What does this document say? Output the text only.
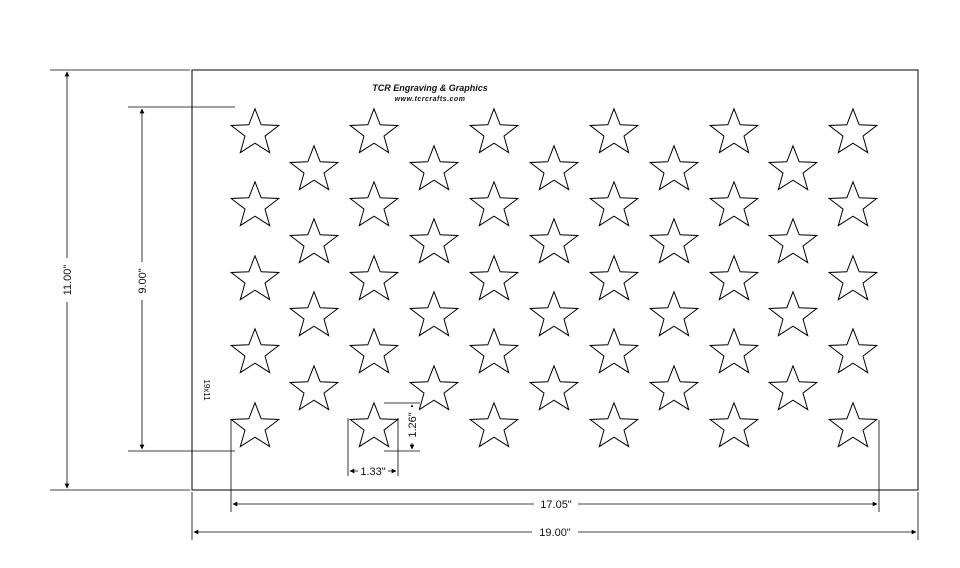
TCR Engraving & Graphics
www.tcrcrafts.com
19x11
11.00"	9.00"
1.26"
1.33"
17.05"
19.00"
